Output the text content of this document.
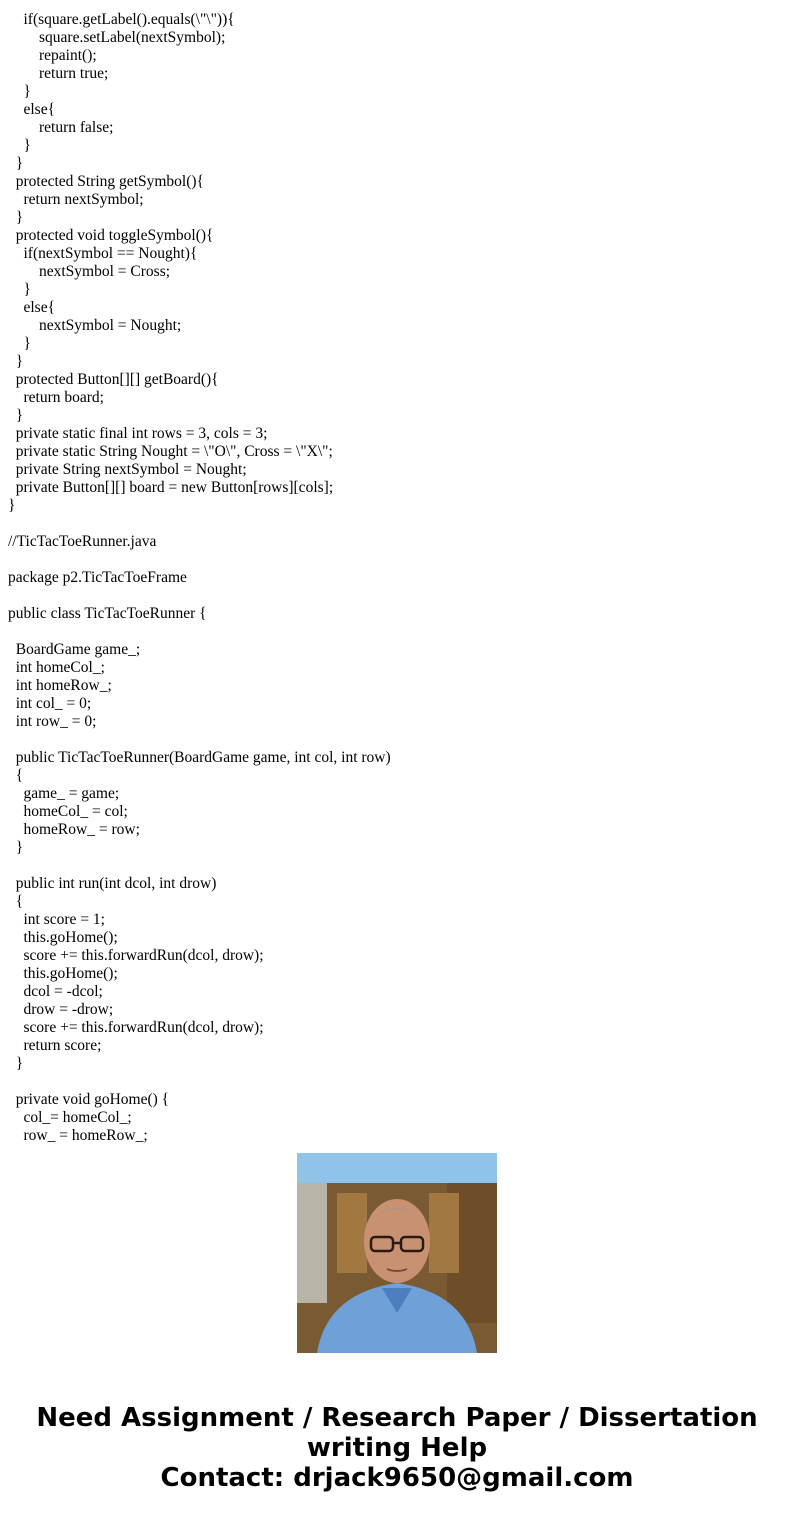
if(square.getLabel().equals(\"\")){
square.setLabel(nextSymbol);
repaint();
return true;
}
else{
return false;
}
}
protected String getSymbol(){
return nextSymbol;
}
protected void toggleSymbol(){
if(nextSymbol == Nought){
nextSymbol = Cross;
}
else{
nextSymbol = Nought;
}
}
protected Button[][] getBoard(){
return board;
}
private static final int rows = 3, cols = 3;
private static String Nought = \"O\", Cross = \"X\";
private String nextSymbol = Nought;
private Button[][] board = new Button[rows][cols];
}
//TicTacToeRunner.java
package p2.TicTacToeFrame
public class TicTacToeRunner {
BoardGame game_;
int homeCol_;
int homeRow_;
int col_ = 0;
int row_ = 0;
public TicTacToeRunner(BoardGame game, int col, int row)
{
game_ = game;
homeCol_ = col;
homeRow_ = row;
}
public int run(int dcol, int drow)
{
int score = 1;
this.goHome();
score += this.forwardRun(dcol, drow);
this.goHome();
dcol = -dcol;
drow = -drow;
score += this.forwardRun(dcol, drow);
return score;
}
private void goHome() {
col_= homeCol_;
row_ = homeRow_;
Need Assignment / Research Paper / Dissertation
writing Help
Contact: drjack9650@gmail.com
